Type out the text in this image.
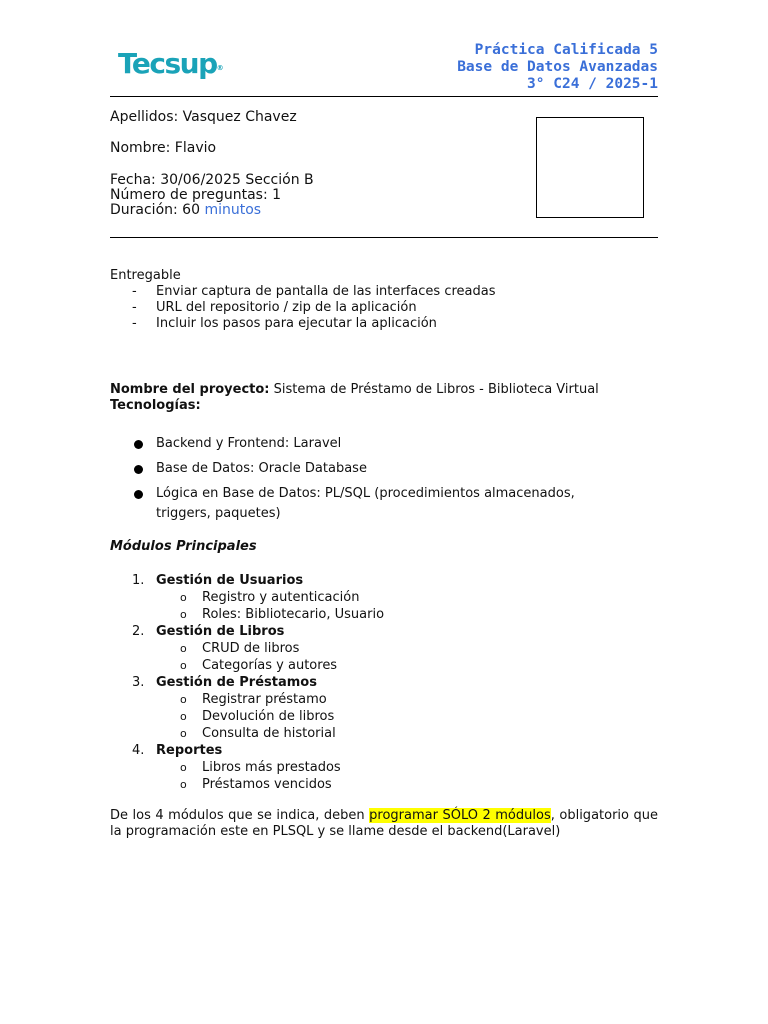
Tecsup®
Práctica Calificada 5
Base de Datos Avanzadas
3° C24 / 2025-1
Apellidos: Vasquez Chavez
Nombre: Flavio
Fecha: 30/06/2025 Sección B
Número de preguntas: 1
Duración: 60 minutos
Entregable
- Enviar captura de pantalla de las interfaces creadas
- URL del repositorio / zip de la aplicación
- Incluir los pasos para ejecutar la aplicación
Nombre del proyecto: Sistema de Préstamo de Libros - Biblioteca Virtual
Tecnologías:
Backend y Frontend: Laravel
Base de Datos: Oracle Database
Lógica en Base de Datos: PL/SQL (procedimientos almacenados, triggers, paquetes)
Módulos Principales
1. Gestión de Usuarios
o Registro y autenticación
o Roles: Bibliotecario, Usuario
2. Gestión de Libros
o CRUD de libros
o Categorías y autores
3. Gestión de Préstamos
o Registrar préstamo
o Devolución de libros
o Consulta de historial
4. Reportes
o Libros más prestados
o Préstamos vencidos
De los 4 módulos que se indica, deben programar SÓLO 2 módulos, obligatorio que la programación este en PLSQL y se llame desde el backend(Laravel)
